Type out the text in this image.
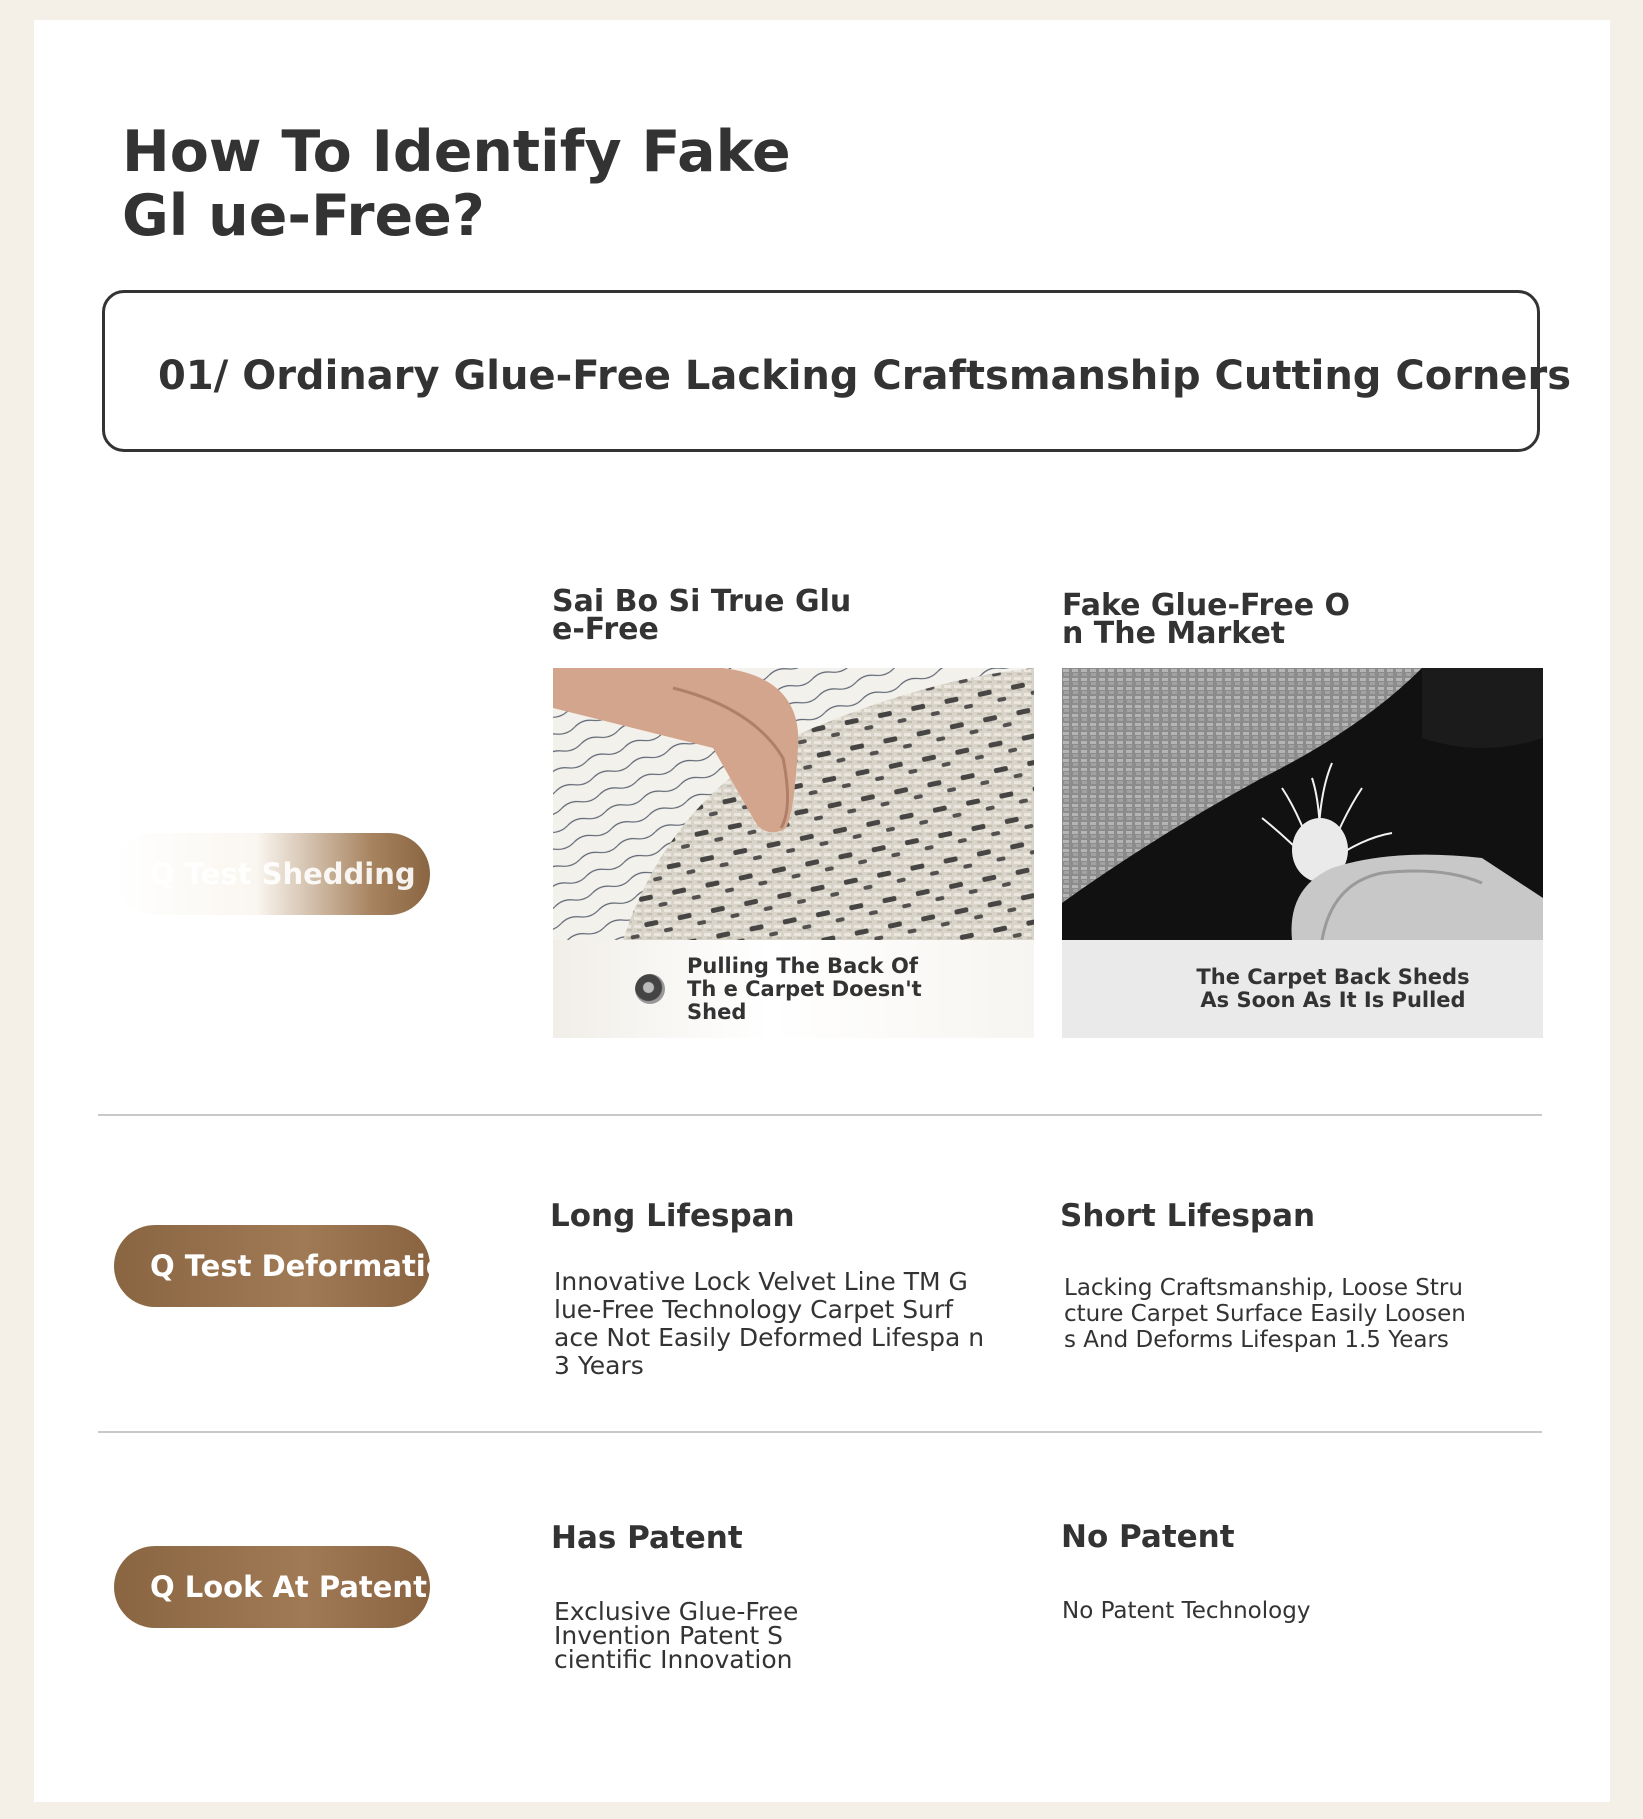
How To Identify Fake Gl ue-Free?
01/ Ordinary Glue-Free Lacking Craftsmanship Cutting Corners
Sai Bo Si True Glu e-Free
Fake Glue-Free O n The Market
Q Test Shedding

Pulling The Back Of Th e Carpet Doesn't Shed

The Carpet Back Sheds As Soon As It Is Pulled

Q Test Deformation
Long Lifespan

Innovative Lock Velvet Line TM G lue-Free Technology Carpet Surf ace Not Easily Deformed Lifespa n 3 Years

Short Lifespan

Lacking Craftsmanship, Loose Stru cture Carpet Surface Easily Loosen s And Deforms Lifespan 1.5 Years

Q Look At Patent
Has Patent

Exclusive Glue-Free Invention Patent S cientific Innovation

No Patent

No Patent Technology
